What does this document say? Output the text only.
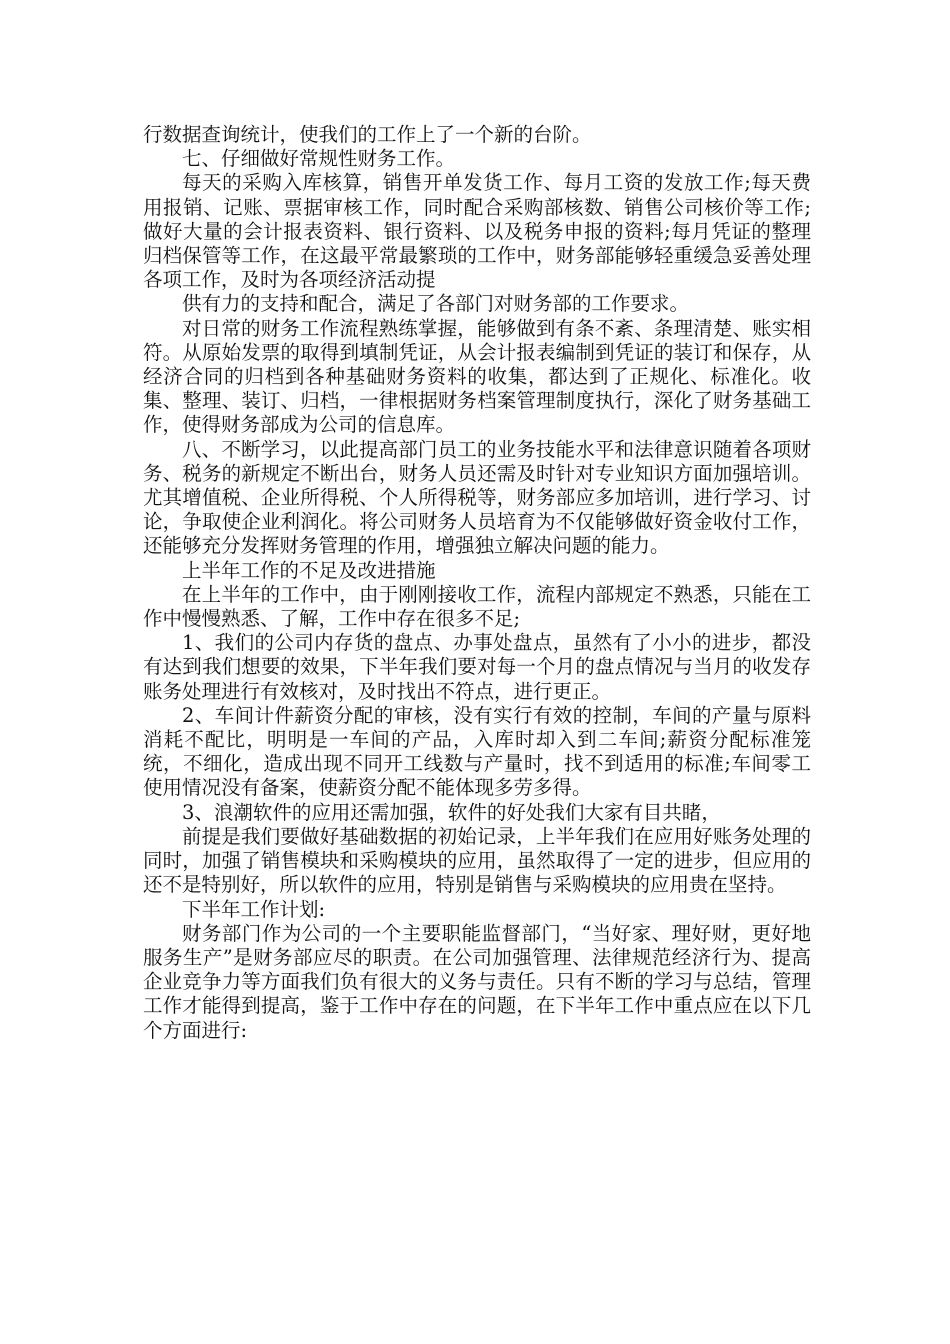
行数据查询统计，使我们的工作上了一个新的台阶。

七、仔细做好常规性财务工作。

每天的采购入库核算，销售开单发货工作、每月工资的发放工作;每天费用报销、记账、票据审核工作，同时配合采购部核数、销售公司核价等工作;做好大量的会计报表资料、银行资料、以及税务申报的资料;每月凭证的整理归档保管等工作，在这最平常最繁琐的工作中，财务部能够轻重缓急妥善处理各项工作，及时为各项经济活动提

供有力的支持和配合，满足了各部门对财务部的工作要求。

对日常的财务工作流程熟练掌握，能够做到有条不紊、条理清楚、账实相符。从原始发票的取得到填制凭证，从会计报表编制到凭证的装订和保存，从经济合同的归档到各种基础财务资料的收集，都达到了正规化、标准化。收集、整理、装订、归档，一律根据财务档案管理制度执行，深化了财务基础工作，使得财务部成为公司的信息库。

八、不断学习，以此提高部门员工的业务技能水平和法律意识随着各项财务、税务的新规定不断出台，财务人员还需及时针对专业知识方面加强培训。尤其增值税、企业所得税、个人所得税等，财务部应多加培训，进行学习、讨论，争取使企业利润化。将公司财务人员培育为不仅能够做好资金收付工作，还能够充分发挥财务管理的作用，增强独立解决问题的能力。

上半年工作的不足及改进措施

在上半年的工作中，由于刚刚接收工作，流程内部规定不熟悉，只能在工作中慢慢熟悉、了解，工作中存在很多不足;

1、我们的公司内存货的盘点、办事处盘点，虽然有了小小的进步，都没有达到我们想要的效果，下半年我们要对每一个月的盘点情况与当月的收发存账务处理进行有效核对，及时找出不符点，进行更正。

2、车间计件薪资分配的审核，没有实行有效的控制，车间的产量与原料消耗不配比，明明是一车间的产品，入库时却入到二车间;薪资分配标准笼统，不细化，造成出现不同开工线数与产量时，找不到适用的标准;车间零工使用情况没有备案，使薪资分配不能体现多劳多得。

3、浪潮软件的应用还需加强，软件的好处我们大家有目共睹，

前提是我们要做好基础数据的初始记录，上半年我们在应用好账务处理的同时，加强了销售模块和采购模块的应用，虽然取得了一定的进步，但应用的还不是特别好，所以软件的应用，特别是销售与采购模块的应用贵在坚持。

下半年工作计划:

财务部门作为公司的一个主要职能监督部门，“当好家、理好财，更好地服务生产”是财务部应尽的职责。在公司加强管理、法律规范经济行为、提高企业竞争力等方面我们负有很大的义务与责任。只有不断的学习与总结，管理工作才能得到提高，鉴于工作中存在的问题，在下半年工作中重点应在以下几个方面进行:
